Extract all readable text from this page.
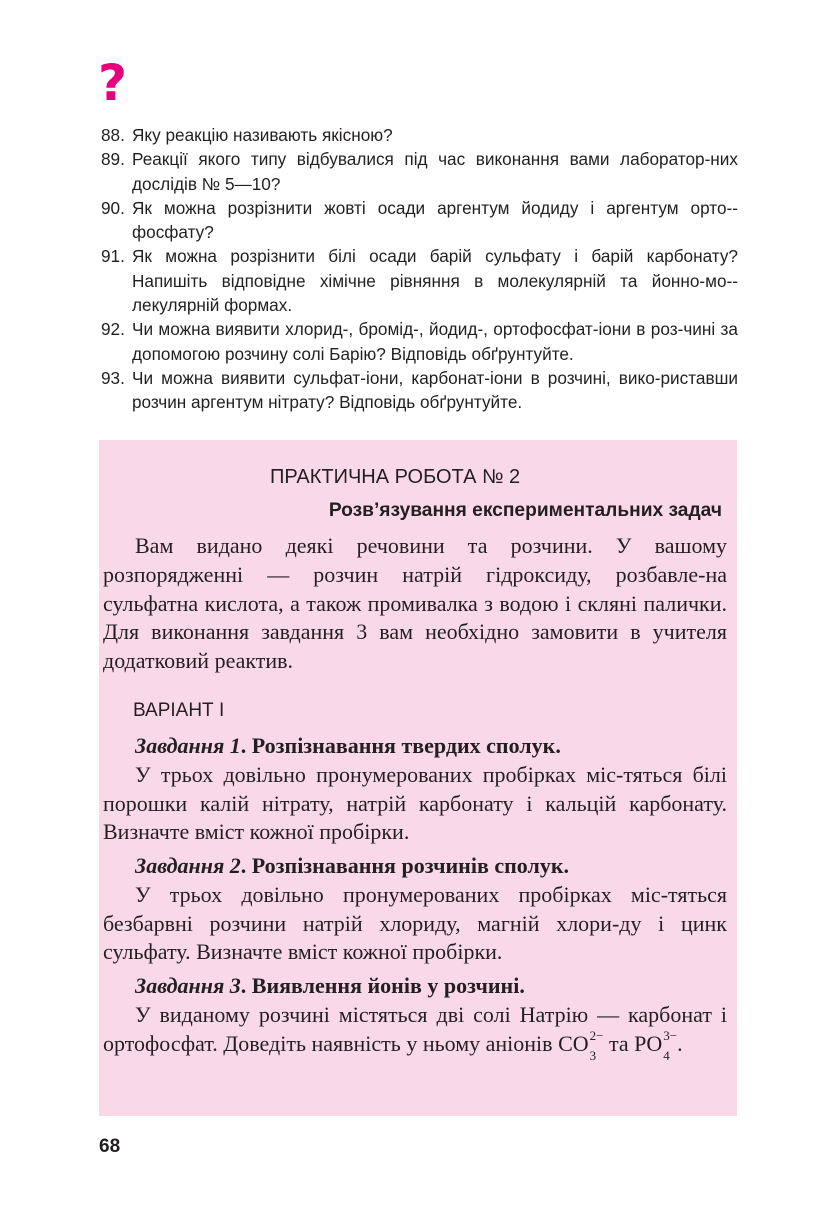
?
88. Яку реакцію називають якісною?
89. Реакції якого типу відбувалися під час виконання вами лаборатор-них дослідів № 5—10?
90. Як можна розрізнити жовті осади аргентум йодиду і аргентум орто-фосфату?
91. Як можна розрізнити білі осади барій сульфату і барій карбонату? Напишіть відповідне хімічне рівняння в молекулярній та йонно-мо-лекулярній формах.
92. Чи можна виявити хлорид-, бромід-, йодид-, ортофосфат-іони в роз-чині за допомогою розчину солі Барію? Відповідь обґрунтуйте.
93. Чи можна виявити сульфат-іони, карбонат-іони в розчині, вико-риставши розчин аргентум нітрату? Відповідь обґрунтуйте.
ПРАКТИЧНА РОБОТА № 2
Розв’язування експериментальних задач

Вам видано деякі речовини та розчини. У вашому розпорядженні — розчин натрій гідроксиду, розбавле-на сульфатна кислота, а також промивалка з водою і скляні палички. Для виконання завдання 3 вам необхідно замовити в учителя додатковий реактив.

ВАРІАНТ І
Завдання 1. Розпізнавання твердих сполук.

У трьох довільно пронумерованих пробірках міс-тяться білі порошки калій нітрату, натрій карбонату і кальцій карбонату. Визначте вміст кожної пробірки.

Завдання 2. Розпізнавання розчинів сполук.

У трьох довільно пронумерованих пробірках міс-тяться безбарвні розчини натрій хлориду, магній хлори-ду і цинк сульфату. Визначте вміст кожної пробірки.

Завдання 3. Виявлення йонів у розчині.

У виданому розчині містяться дві солі Натрію — карбонат і ортофосфат. Доведіть наявність у ньому аніонів CO 2−
3 та PO 3−
4 .

68
